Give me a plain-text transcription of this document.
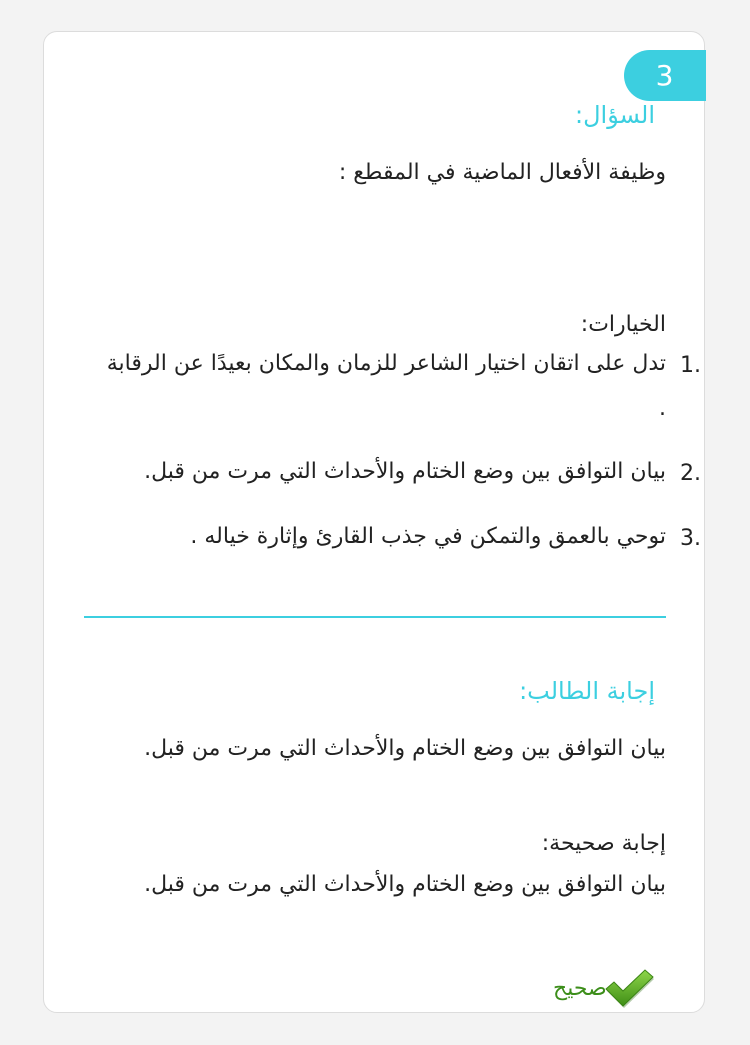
3
السؤال:
وظيفة الأفعال الماضية في المقطع :
الخيارات:
1.
تدل على اتقان اختيار الشاعر للزمان والمكان بعيدًا عن الرقابة
.
2.
بيان التوافق بين وضع الختام والأحداث التي مرت من قبل.
3.
توحي بالعمق والتمكن في جذب القارئ وإثارة خياله .
إجابة الطالب:
بيان التوافق بين وضع الختام والأحداث التي مرت من قبل.
إجابة صحيحة:
بيان التوافق بين وضع الختام والأحداث التي مرت من قبل.
صحيح
